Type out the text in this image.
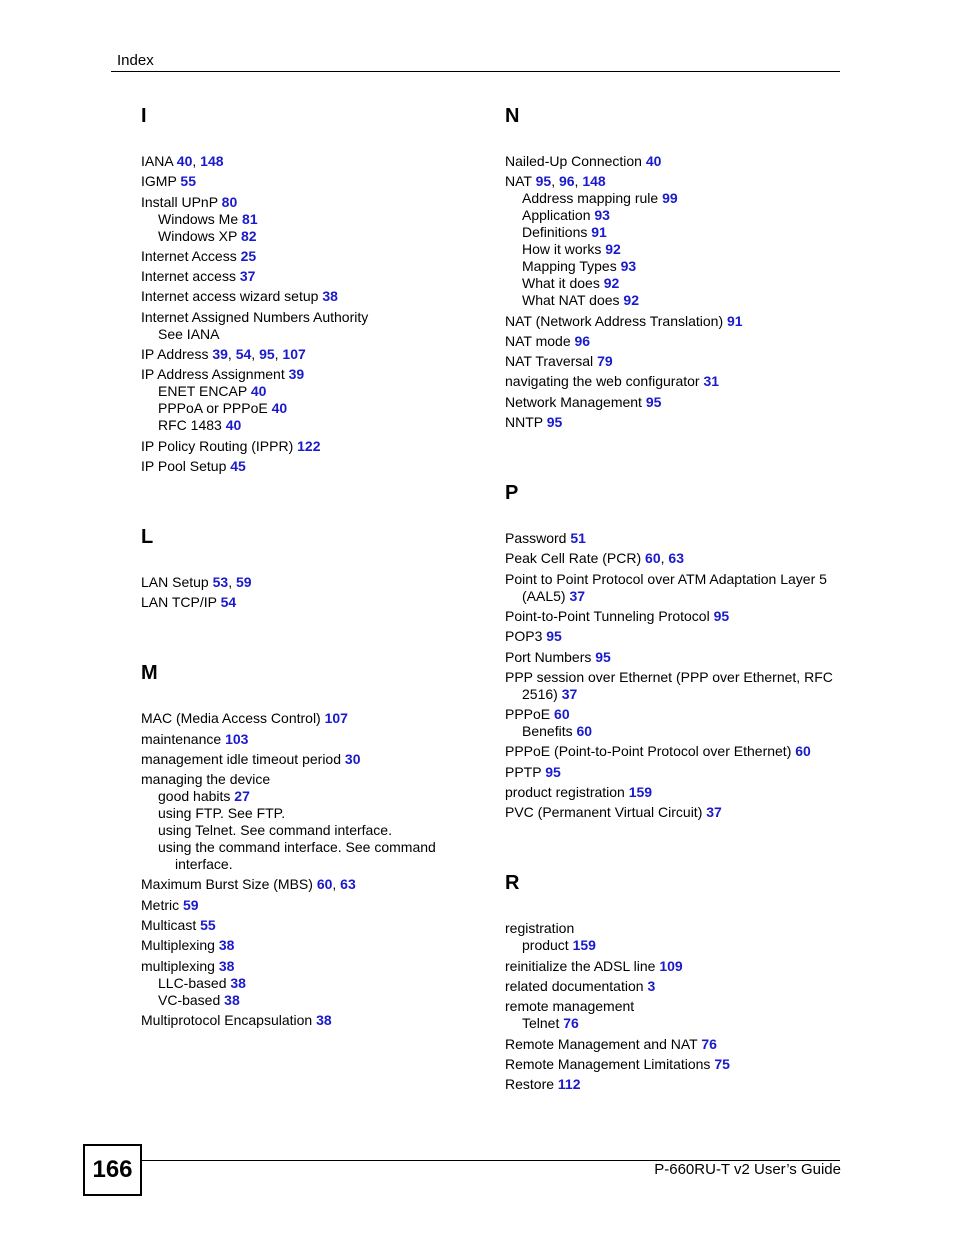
Index
I
IANA 40, 148
IGMP 55
Install UPnP 80
Windows Me 81
Windows XP 82
Internet Access 25
Internet access 37
Internet access wizard setup 38
Internet Assigned Numbers Authority
See IANA
IP Address 39, 54, 95, 107
IP Address Assignment 39
ENET ENCAP 40
PPPoA or PPPoE 40
RFC 1483 40
IP Policy Routing (IPPR) 122
IP Pool Setup 45
L
LAN Setup 53, 59
LAN TCP/IP 54
M
MAC (Media Access Control) 107
maintenance 103
management idle timeout period 30
managing the device
good habits 27
using FTP. See FTP.
using Telnet. See command interface.
using the command interface. See command
interface.
Maximum Burst Size (MBS) 60, 63
Metric 59
Multicast 55
Multiplexing 38
multiplexing 38
LLC-based 38
VC-based 38
Multiprotocol Encapsulation 38
N
Nailed-Up Connection 40
NAT 95, 96, 148
Address mapping rule 99
Application 93
Definitions 91
How it works 92
Mapping Types 93
What it does 92
What NAT does 92
NAT (Network Address Translation) 91
NAT mode 96
NAT Traversal 79
navigating the web configurator 31
Network Management 95
NNTP 95
P
Password 51
Peak Cell Rate (PCR) 60, 63
Point to Point Protocol over ATM Adaptation Layer 5
(AAL5) 37
Point-to-Point Tunneling Protocol 95
POP3 95
Port Numbers 95
PPP session over Ethernet (PPP over Ethernet, RFC
2516) 37
PPPoE 60
Benefits 60
PPPoE (Point-to-Point Protocol over Ethernet) 60
PPTP 95
product registration 159
PVC (Permanent Virtual Circuit) 37
R
registration
product 159
reinitialize the ADSL line 109
related documentation 3
remote management
Telnet 76
Remote Management and NAT 76
Remote Management Limitations 75
Restore 112
166	P-660RU-T v2 User’s Guide
